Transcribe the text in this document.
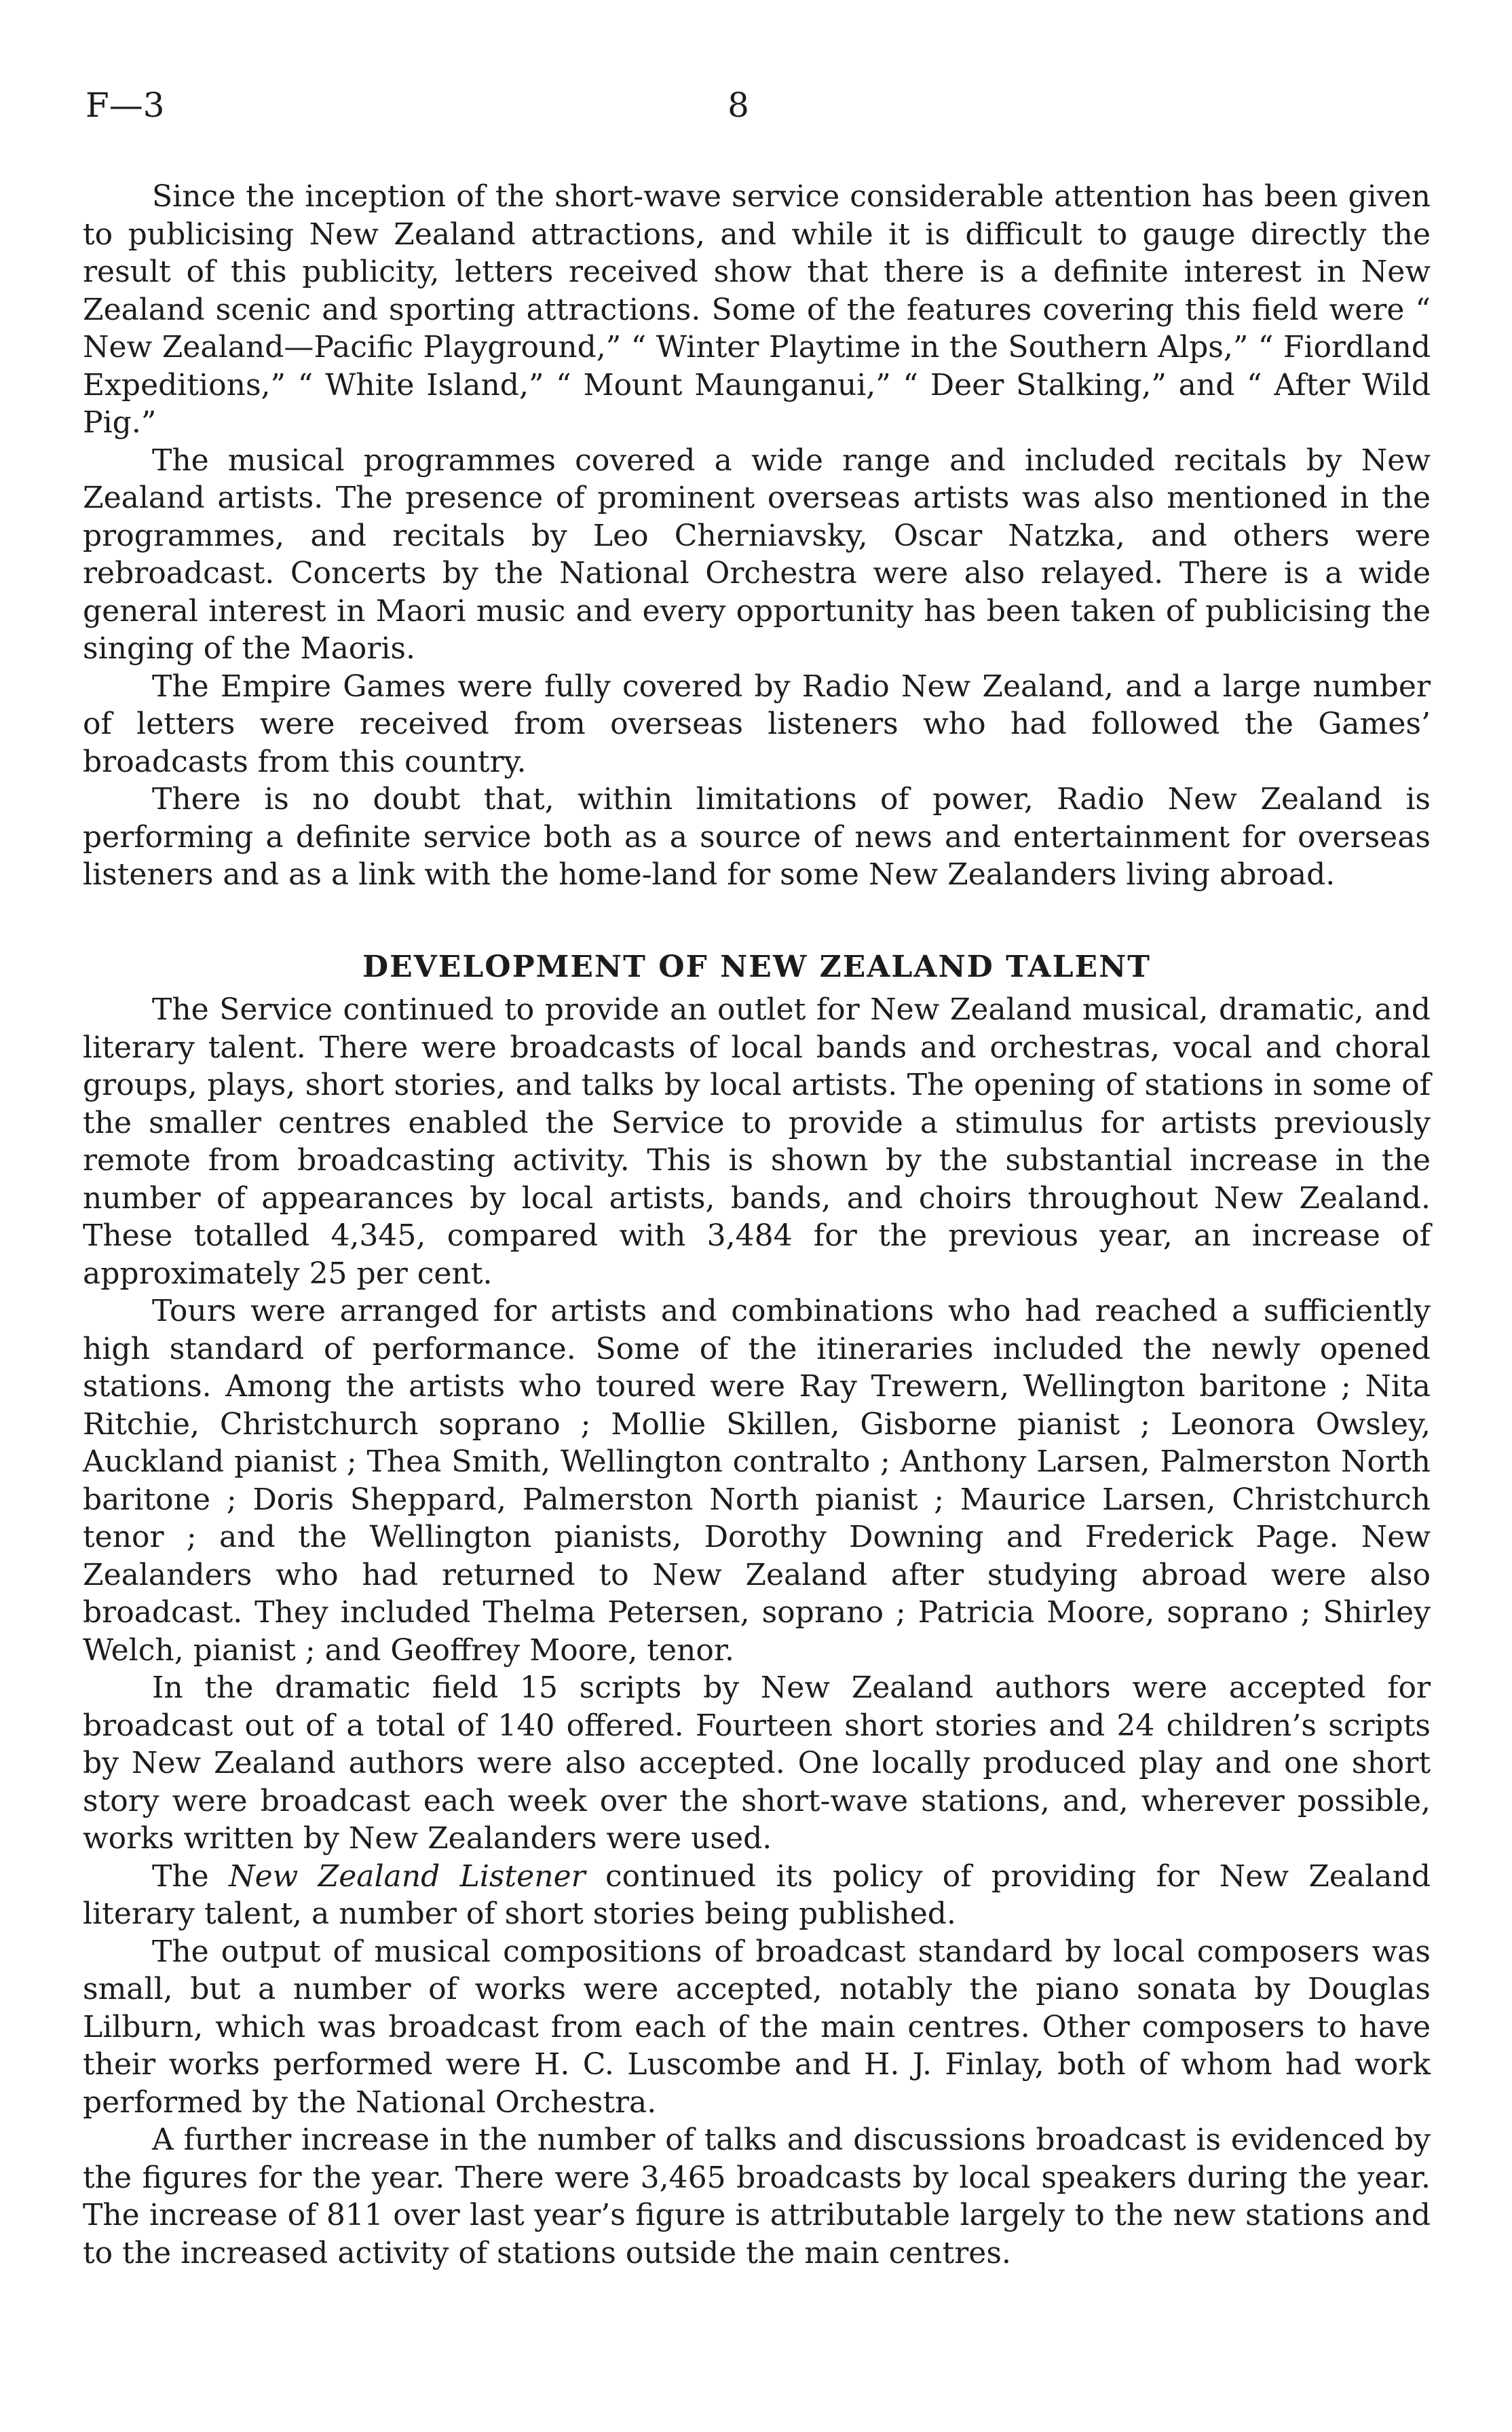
F—3	8

Since the inception of the short-wave service considerable attention has been given to publicising New Zealand attractions, and while it is difficult to gauge directly the result of this publicity, letters received show that there is a definite interest in New Zealand scenic and sporting attractions. Some of the features covering this field were “ New Zealand—Pacific Playground,” “ Winter Playtime in the Southern Alps,” “ Fiordland Expeditions,” “ White Island,” “ Mount Maunganui,” “ Deer Stalking,” and “ After Wild Pig.”

The musical programmes covered a wide range and included recitals by New Zealand artists. The presence of prominent overseas artists was also mentioned in the programmes, and recitals by Leo Cherniavsky, Oscar Natzka, and others were rebroadcast. Concerts by the National Orchestra were also relayed. There is a wide general interest in Maori music and every opportunity has been taken of publicising the singing of the Maoris.

The Empire Games were fully covered by Radio New Zealand, and a large number of letters were received from overseas listeners who had followed the Games’ broadcasts from this country.

There is no doubt that, within limitations of power, Radio New Zealand is performing a definite service both as a source of news and entertainment for overseas listeners and as a link with the home-land for some New Zealanders living abroad.

DEVELOPMENT OF NEW ZEALAND TALENT

The Service continued to provide an outlet for New Zealand musical, dramatic, and literary talent. There were broadcasts of local bands and orchestras, vocal and choral groups, plays, short stories, and talks by local artists. The opening of stations in some of the smaller centres enabled the Service to provide a stimulus for artists previously remote from broadcasting activity. This is shown by the substantial increase in the number of appearances by local artists, bands, and choirs throughout New Zealand. These totalled 4,345, compared with 3,484 for the previous year, an increase of approximately 25 per cent.

Tours were arranged for artists and combinations who had reached a sufficiently high standard of performance. Some of the itineraries included the newly opened stations. Among the artists who toured were Ray Trewern, Wellington baritone ; Nita Ritchie, Christchurch soprano ; Mollie Skillen, Gisborne pianist ; Leonora Owsley, Auckland pianist ; Thea Smith, Wellington contralto ; Anthony Larsen, Palmerston North baritone ; Doris Sheppard, Palmerston North pianist ; Maurice Larsen, Christchurch tenor ; and the Wellington pianists, Dorothy Downing and Frederick Page. New Zealanders who had returned to New Zealand after studying abroad were also broadcast. They included Thelma Petersen, soprano ; Patricia Moore, soprano ; Shirley Welch, pianist ; and Geoffrey Moore, tenor.

In the dramatic field 15 scripts by New Zealand authors were accepted for broadcast out of a total of 140 offered. Fourteen short stories and 24 children’s scripts by New Zealand authors were also accepted. One locally produced play and one short story were broadcast each week over the short-wave stations, and, wherever possible, works written by New Zealanders were used.

The New Zealand Listener continued its policy of providing for New Zealand literary talent, a number of short stories being published.

The output of musical compositions of broadcast standard by local composers was small, but a number of works were accepted, notably the piano sonata by Douglas Lilburn, which was broadcast from each of the main centres. Other composers to have their works performed were H. C. Luscombe and H. J. Finlay, both of whom had work performed by the National Orchestra.

A further increase in the number of talks and discussions broadcast is evidenced by the figures for the year. There were 3,465 broadcasts by local speakers during the year. The increase of 811 over last year’s figure is attributable largely to the new stations and to the increased activity of stations outside the main centres.
